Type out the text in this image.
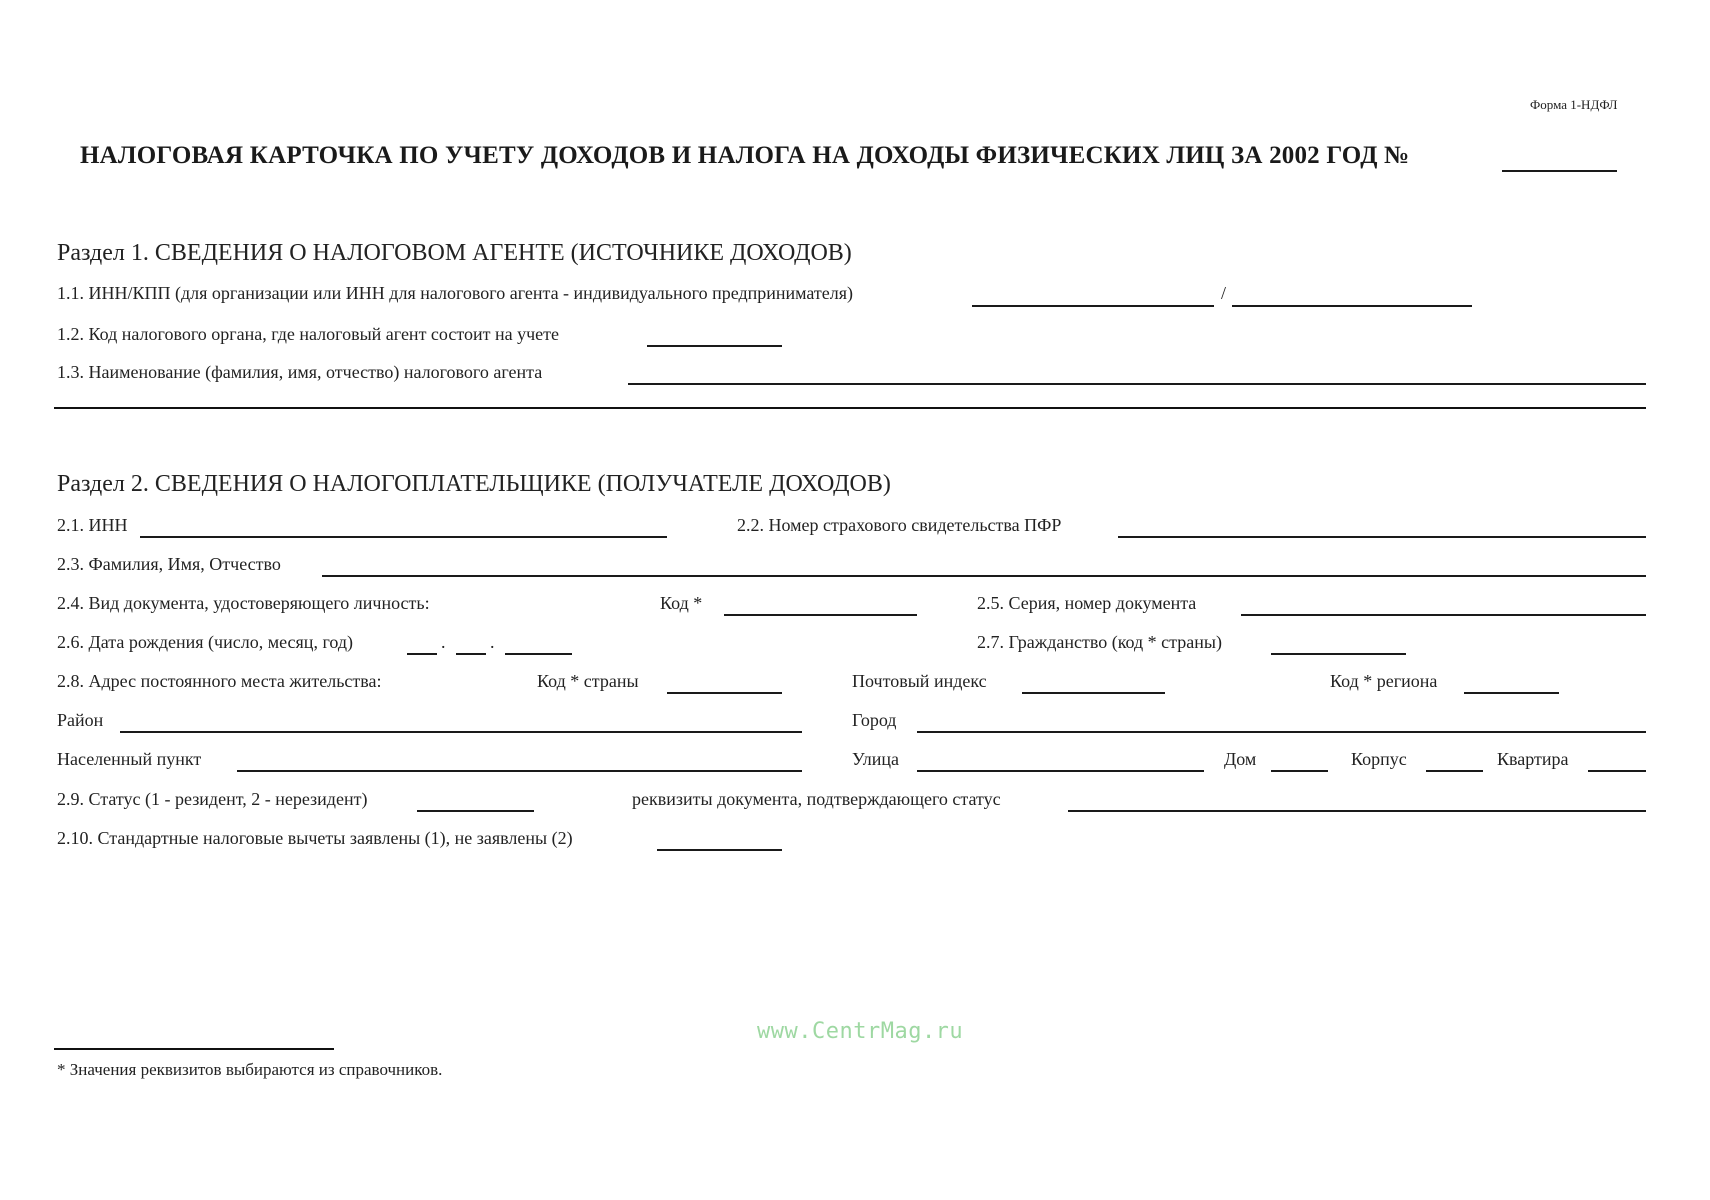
Форма 1-НДФЛ
НАЛОГОВАЯ КАРТОЧКА ПО УЧЕТУ ДОХОДОВ И НАЛОГА НА ДОХОДЫ ФИЗИЧЕСКИХ ЛИЦ ЗА 2002 ГОД №
Раздел 1. СВЕДЕНИЯ О НАЛОГОВОМ АГЕНТЕ (ИСТОЧНИКЕ ДОХОДОВ)
1.1. ИНН/КПП (для организации или ИНН для налогового агента - индивидуального предпринимателя)	/
1.2. Код налогового органа, где налоговый агент состоит на учете
1.3. Наименование (фамилия, имя, отчество) налогового агента
Раздел 2. СВЕДЕНИЯ О НАЛОГОПЛАТЕЛЬЩИКЕ (ПОЛУЧАТЕЛЕ ДОХОДОВ)
2.1. ИНН	2.2. Номер страхового свидетельства ПФР
2.3. Фамилия, Имя, Отчество
2.4. Вид документа, удостоверяющего личность:	Код *	2.5. Серия, номер документа
2.6. Дата рождения (число, месяц, год)	. .	2.7. Гражданство (код * страны)
2.8. Адрес постоянного места жительства:	Код * страны	Почтовый индекс	Код * региона
Район	Город
Населенный пункт	Улица	Дом	Корпус	Квартира
2.9. Статус (1 - резидент, 2 - нерезидент)	реквизиты документа, подтверждающего статус
2.10. Стандартные налоговые вычеты заявлены (1), не заявлены (2)
www.CentrMag.ru
* Значения реквизитов выбираются из справочников.
